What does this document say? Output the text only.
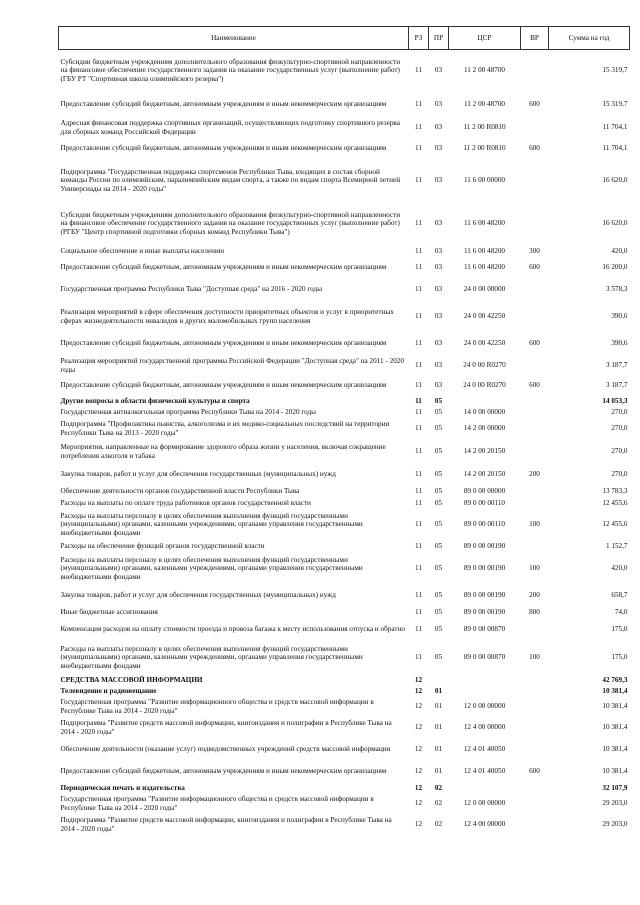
Наименование	РЗ	ПР	ЦСР	ВР	Сумма на год
Субсидии бюджетным учреждениям дополнительного образования физкультурно-спортивной направленности на финансовое обеспечение государственного задания на оказание государственных услуг (выполнение работ) (ГБУ РТ "Спортивная школа олимпийского резерва")	11	03	11 2 00 48700		15 319,7
Предоставление субсидий бюджетным, автономным учреждениям и иным некоммерческим организациям	11	03	11 2 00 48700	600	15 319,7
Адресная финансовая поддержка спортивных организаций, осуществляющих подготовку спортивного резерва для сборных команд Российской Федерации	11	03	11 2 00 R0810		11 704,1
Предоставление субсидий бюджетным, автономным учреждениям и иным некоммерческим организациям	11	03	11 2 00 R0810	600	11 704,1
Подпрограмма "Государственная поддержка спортсменов Республики Тыва, входящих в состав сборной команды России по олимпийским, паралимпийским видам спорта, а также по видам спорта Всемирной летней Универсиады на 2014 - 2020 годы"	11	03	11 6 00 00000		16 620,0
Субсидии бюджетным учреждениям дополнительного образования физкультурно-спортивной направленности на финансовое обеспечение государственного задания на оказание государственных услуг (выполнение работ) (РГБУ "Центр спортивной подготовки сборных команд Республики Тыва")	11	03	11 6 00 48200		16 620,0
Социальное обеспечение и иные выплаты населению	11	03	11 6 00 48200	300	420,0
Предоставление субсидий бюджетным, автономным учреждениям и иным некоммерческим организациям	11	03	11 6 00 48200	600	16 200,0
Государственная программа Республики Тыва "Доступная среда" на 2016 - 2020 годы	11	03	24 0 00 00000		3 578,3
Реализация мероприятий в сфере обеспечения доступности приоритетных объектов и услуг в приоритетных сферах жизнедеятельности инвалидов и других маломобильных групп населения	11	03	24 0 00 42250		390,6
Предоставление субсидий бюджетным, автономным учреждениям и иным некоммерческим организациям	11	03	24 0 00 42250	600	390,6
Реализация мероприятий государственной программы Российской Федерации "Доступная среда" на 2011 - 2020 годы	11	03	24 0 00 R0270		3 187,7
Предоставление субсидий бюджетным, автономным учреждениям и иным некоммерческим организациям	11	03	24 0 00 R0270	600	3 187,7
Другие вопросы в области физической культуры и спорта	11	05			14 053,3
Государственная антиалкогольная программа Республики Тыва на 2014 - 2020 годы	11	05	14 0 00 00000		270,0
Подпрограмма "Профилактика пьянства, алкоголизма и их медико-социальных последствий на территории Республики Тыва на 2013 - 2020 годы"	11	05	14 2 00 00000		270,0
Мероприятия, направленные на формирование здорового образа жизни у населения, включая сокращение потребления алкоголя и табака	11	05	14 2 00 20150		270,0
Закупка товаров, работ и услуг для обеспечения государственных (муниципальных) нужд	11	05	14 2 00 20150	200	270,0
Обеспечение деятельности органов государственной власти Республики Тыва	11	05	89 0 00 00000		13 783,3
Расходы на выплаты по оплате труда работников органов государственной власти	11	05	89 0 00 00110		12 455,6
Расходы на выплаты персоналу в целях обеспечения выполнения функций государственными (муниципальными) органами, казенными учреждениями, органами управления государственными внебюджетными фондами	11	05	89 0 00 00110	100	12 455,6
Расходы на обеспечение функций органов государственной власти	11	05	89 0 00 00190		1 152,7
Расходы на выплаты персоналу в целях обеспечения выполнения функций государственными (муниципальными) органами, казенными учреждениями, органами управления государственными внебюджетными фондами	11	05	89 0 00 00190	100	420,0
Закупка товаров, работ и услуг для обеспечения государственных (муниципальных) нужд	11	05	89 0 00 00190	200	658,7
Иные бюджетные ассигнования	11	05	89 0 00 00190	800	74,0
Компенсация расходов на оплату стоимости проезда и провоза багажа к месту использования отпуска и обратно	11	05	89 0 00 00870		175,0
Расходы на выплаты персоналу в целях обеспечения выполнения функций государственными (муниципальными) органами, казенными учреждениями, органами управления государственными внебюджетными фондами	11	05	89 0 00 00870	100	175,0
СРЕДСТВА МАССОВОЙ ИНФОРМАЦИИ	12				42 769,3
Телевидение и радиовещание	12	01			10 381,4
Государственная программа "Развитие информационного общества и средств массовой информации в Республике Тыва на 2014 - 2020 годы"	12	01	12 0 00 00000		10 381,4
Подпрограмма "Развитие средств массовой информации, книгоиздания и полиграфии в Республике Тыва на 2014 - 2020 годы"	12	01	12 4 00 00000		10 381,4
Обеспечение деятельности (оказание услуг) подведомственных учреждений средств массовой информации	12	01	12 4 01 40050		10 381,4
Предоставление субсидий бюджетным, автономным учреждениям и иным некоммерческим организациям	12	01	12 4 01 40050	600	10 381,4
Периодическая печать и издательства	12	02			32 107,9
Государственная программа "Развитие информационного общества и средств массовой информации в Республике Тыва на 2014 - 2020 годы"	12	02	12 0 00 00000		29 203,0
Подпрограмма "Развитие средств массовой информации, книгоиздания и полиграфии в Республике Тыва на 2014 - 2020 годы"	12	02	12 4 00 00000		29 203,0
